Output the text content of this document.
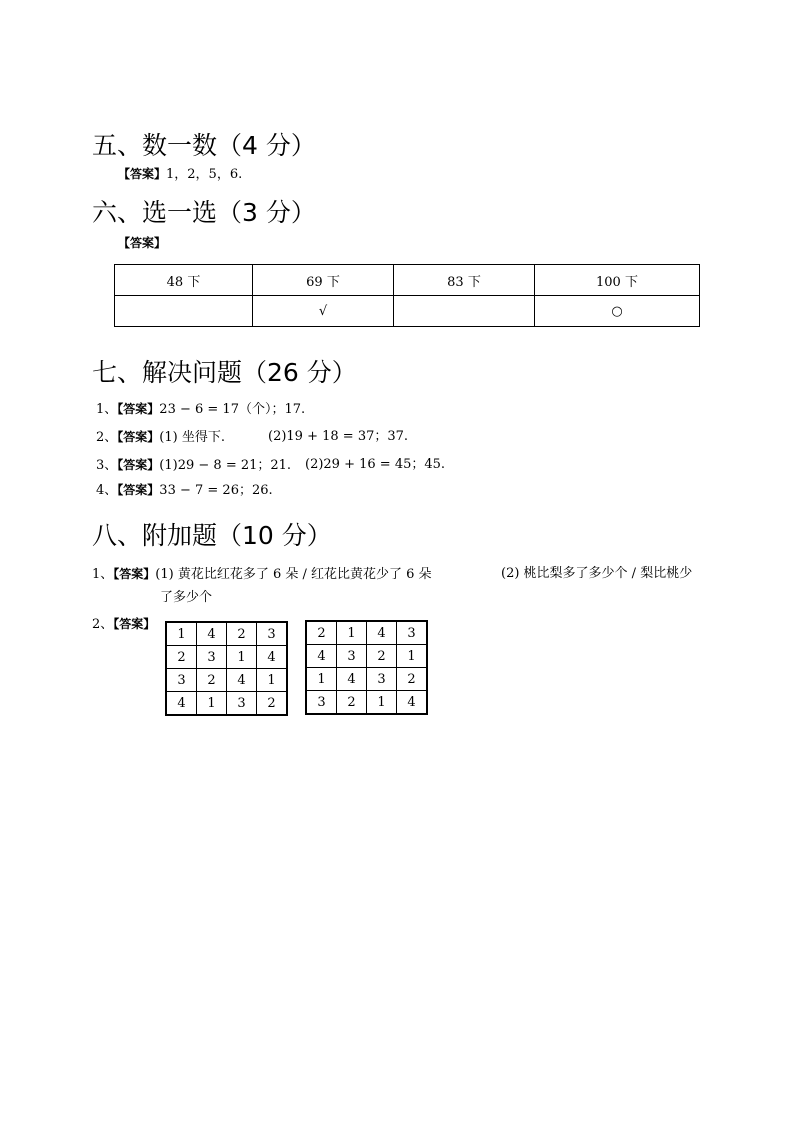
五、数一数（4 分）
【答案】1，2，5，6.
六、选一选（3 分）
【答案】
48 下	69 下	83 下	100 下
	√		○
七、解决问题（26 分）
1、【答案】23 − 6 = 17（个）；17.
2、【答案】(1) 坐得下.	(2)19 + 18 = 37；37.
3、【答案】(1)29 − 8 = 21；21. (2)29 + 16 = 45；45.
4、【答案】33 − 7 = 26；26.
八、附加题（10 分）
1、【答案】(1) 黄花比红花多了 6 朵 / 红花比黄花少了 6 朵	(2) 桃比梨多了多少个 / 梨比桃少
了多少个
2、【答案】
1	4	2	3
2	3	1	4
3	2	4	1
4	1	3	2
2	1	4	3
4	3	2	1
1	4	3	2
3	2	1	4
